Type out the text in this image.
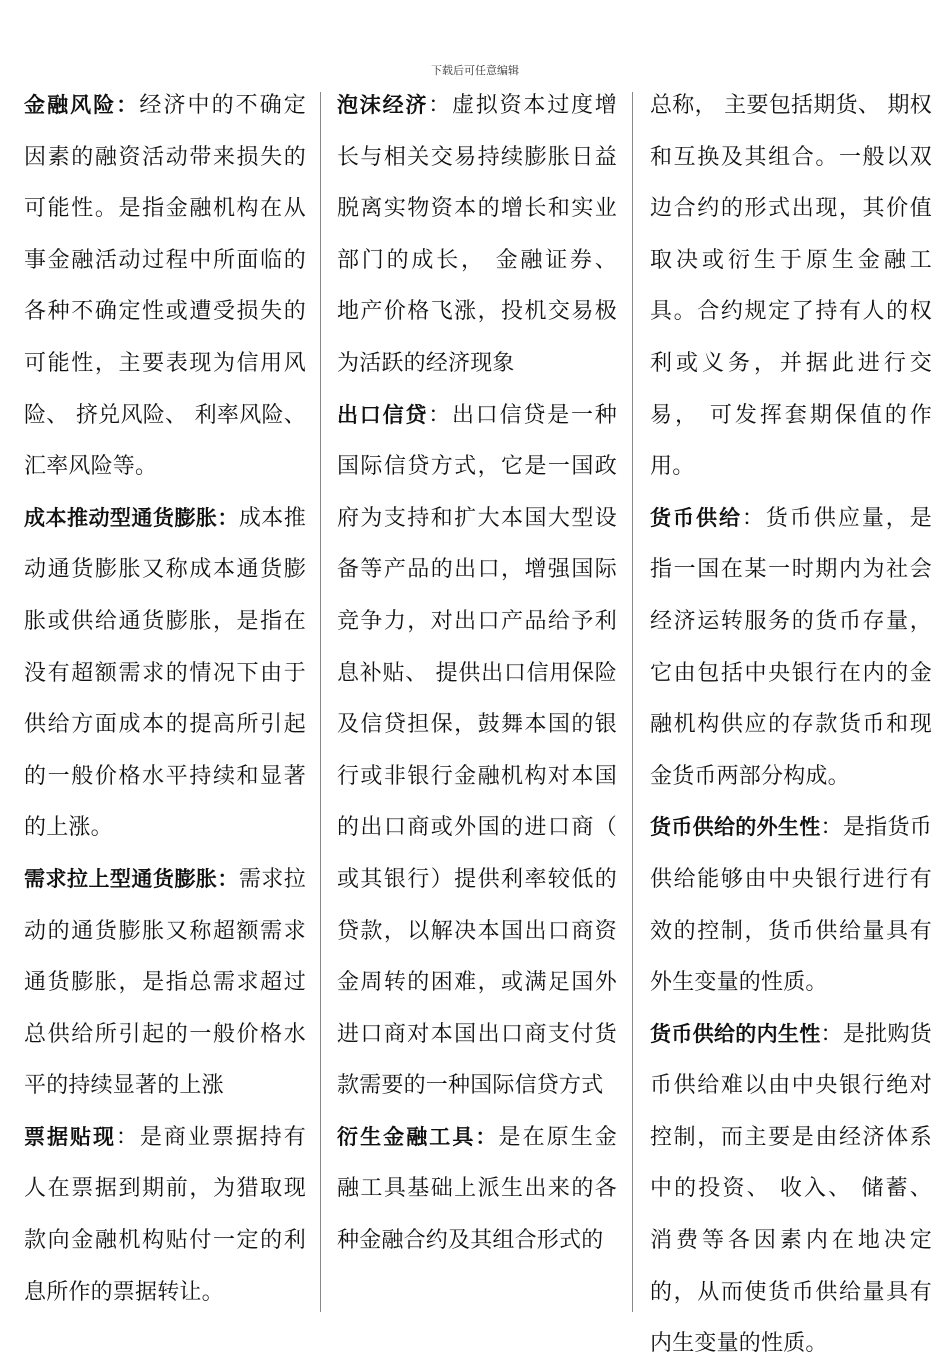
下载后可任意编辑

金融风险：经济中的不确定因素的融资活动带来损失的可能性。是指金融机构在从事金融活动过程中所面临的各种不确定性或遭受损失的可能性，主要表现为信用风险、 挤兑风险、 利率风险、 汇率风险等。

成本推动型通货膨胀：成本推动通货膨胀又称成本通货膨胀或供给通货膨胀，是指在没有超额需求的情况下由于供给方面成本的提高所引起的一般价格水平持续和显著的上涨。

需求拉上型通货膨胀：需求拉动的通货膨胀又称超额需求通货膨胀，是指总需求超过总供给所引起的一般价格水平的持续显著的上涨

票据贴现：是商业票据持有人在票据到期前，为猎取现款向金融机构贴付一定的利息所作的票据转让。

泡沫经济：虚拟资本过度增长与相关交易持续膨胀日益脱离实物资本的增长和实业部门的成长， 金融证券、 地产价格飞涨，投机交易极为活跃的经济现象

出口信贷：出口信贷是一种国际信贷方式，它是一国政府为支持和扩大本国大型设备等产品的出口，增强国际竞争力，对出口产品给予利息补贴、 提供出口信用保险及信贷担保，鼓舞本国的银行或非银行金融机构对本国的出口商或外国的进口商（ 或其银行）提供利率较低的贷款，以解决本国出口商资金周转的困难，或满足国外进口商对本国出口商支付货款需要的一种国际信贷方式

衍生金融工具：是在原生金融工具基础上派生出来的各种金融合约及其组合形式的

总称， 主要包括期货、 期权和互换及其组合。一般以双边合约的形式出现，其价值取决或衍生于原生金融工具。合约规定了持有人的权利或义务，并据此进行交易， 可发挥套期保值的作用。

货币供给：货币供应量，是指一国在某一时期内为社会经济运转服务的货币存量，它由包括中央银行在内的金融机构供应的存款货币和现金货币两部分构成。

货币供给的外生性：是指货币供给能够由中央银行进行有效的控制，货币供给量具有外生变量的性质。

货币供给的内生性：是批购货币供给难以由中央银行绝对控制，而主要是由经济体系中的投资、 收入、 储蓄、 消费等各因素内在地决定的，从而使货币供给量具有内生变量的性质。
